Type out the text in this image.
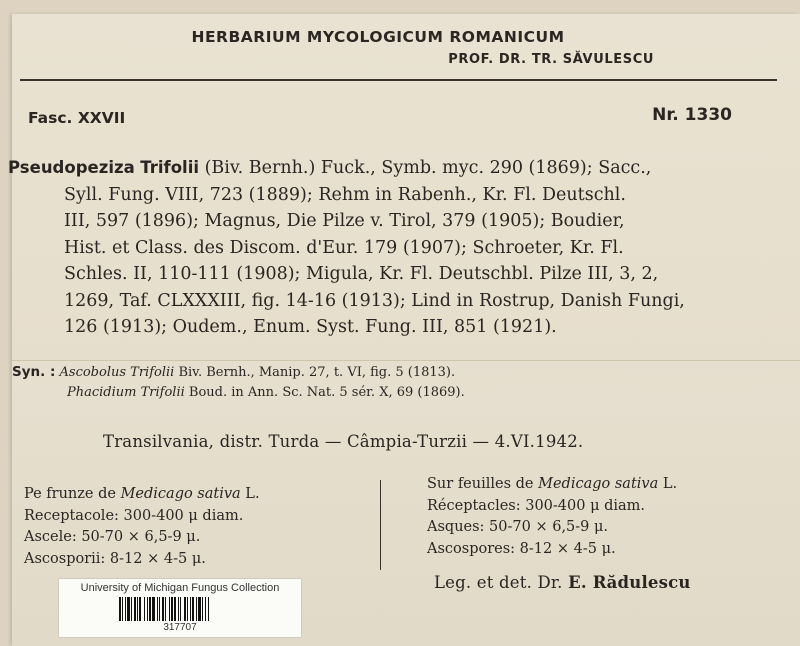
HERBARIUM MYCOLOGICUM ROMANICUM
PROF. DR. TR. SĂVULESCU
Fasc. XXVII	Nr. 1330
Pseudopeziza Trifolii (Biv. Bernh.) Fuck., Symb. myc. 290 (1869); Sacc.,
Syll. Fung. VIII, 723 (1889); Rehm in Rabenh., Kr. Fl. Deutschl.
III, 597 (1896); Magnus, Die Pilze v. Tirol, 379 (1905); Boudier,
Hist. et Class. des Discom. d'Eur. 179 (1907); Schroeter, Kr. Fl.
Schles. II, 110-111 (1908); Migula, Kr. Fl. Deutschbl. Pilze III, 3, 2,
1269, Taf. CLXXXIII, fig. 14-16 (1913); Lind in Rostrup, Danish Fungi,
126 (1913); Oudem., Enum. Syst. Fung. III, 851 (1921).
Syn. : Ascobolus Trifolii Biv. Bernh., Manip. 27, t. VI, fig. 5 (1813).
Phacidium Trifolii Boud. in Ann. Sc. Nat. 5 sér. X, 69 (1869).
Transilvania, distr. Turda — Câmpia-Turzii — 4.VI.1942.
Pe frunze de Medicago sativa L.
Receptacole: 300-400 μ diam.
Ascele: 50-70 × 6,5-9 μ.
Ascosporii: 8-12 × 4-5 μ.
Sur feuilles de Medicago sativa L.
Réceptacles: 300-400 μ diam.
Asques: 50-70 × 6,5-9 μ.
Ascospores: 8-12 × 4-5 μ.
Leg. et det. Dr. E. Rădulescu
University of Michigan Fungus Collection
317707
